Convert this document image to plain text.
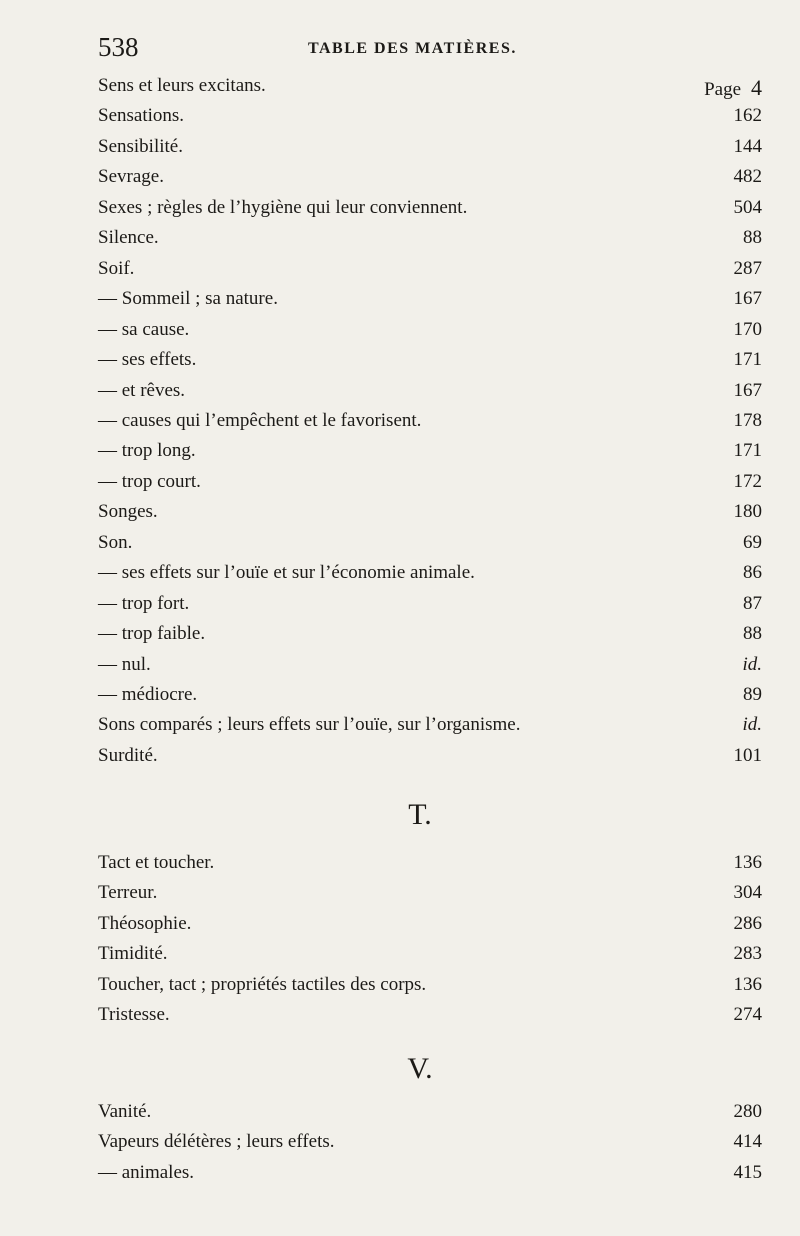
538	TABLE DES MATIÈRES.
Sens et leurs excitans.	Page 4
Sensations.	162
Sensibilité.	144
Sevrage.	482
Sexes ; règles de l’hygiène qui leur conviennent.	504
Silence.	88
Soif.	287
— Sommeil ; sa nature.	167
— sa cause.	170
— ses effets.	171
— et rêves.	167
— causes qui l’empêchent et le favorisent.	178
— trop long.	171
— trop court.	172
Songes.	180
Son.	69
— ses effets sur l’ouïe et sur l’économie animale.	86
— trop fort.	87
— trop faible.	88
— nul.	id.
— médiocre.	89
Sons comparés ; leurs effets sur l’ouïe, sur l’organisme.	id.
Surdité.	101
T.
Tact et toucher.	136
Terreur.	304
Théosophie.	286
Timidité.	283
Toucher, tact ; propriétés tactiles des corps.	136
Tristesse.	274
V.
Vanité.	280
Vapeurs délétères ; leurs effets.	414
— animales.	415
